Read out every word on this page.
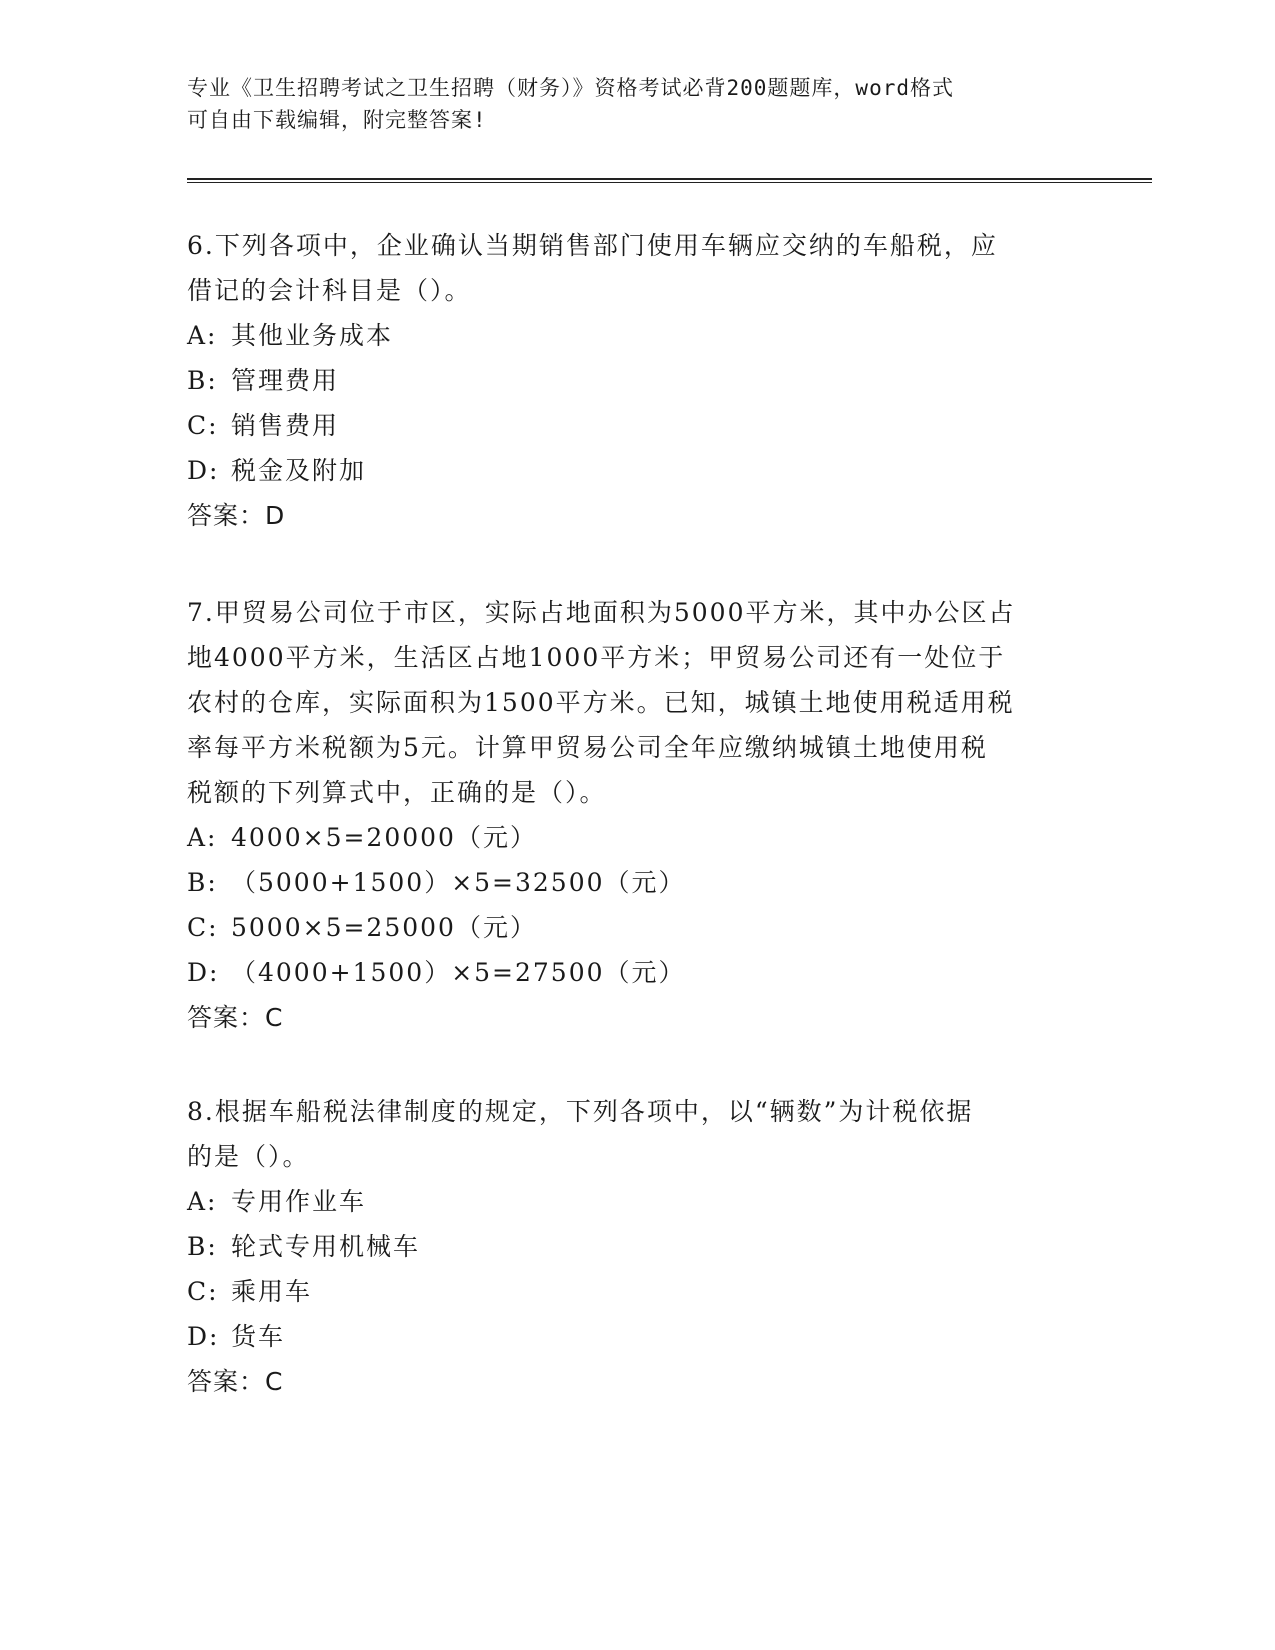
专业《卫生招聘考试之卫生招聘（财务）》资格考试必背200题题库，word格式
可自由下载编辑，附完整答案!

6.下列各项中，企业确认当期销售部门使用车辆应交纳的车船税，应

借记的会计科目是（）。

A: 其他业务成本

B: 管理费用

C: 销售费用

D: 税金及附加

答案：D

7.甲贸易公司位于市区，实际占地面积为5000平方米，其中办公区占

地4000平方米，生活区占地1000平方米；甲贸易公司还有一处位于

农村的仓库，实际面积为1500平方米。已知，城镇土地使用税适用税

率每平方米税额为5元。计算甲贸易公司全年应缴纳城镇土地使用税

税额的下列算式中，正确的是（）。

A: 4000×5=20000（元）

B: （5000+1500）×5=32500（元）

C: 5000×5=25000（元）

D: （4000+1500）×5=27500（元）

答案：C

8.根据车船税法律制度的规定，下列各项中，以“辆数”为计税依据

的是（）。

A: 专用作业车

B: 轮式专用机械车

C: 乘用车

D: 货车

答案：C
